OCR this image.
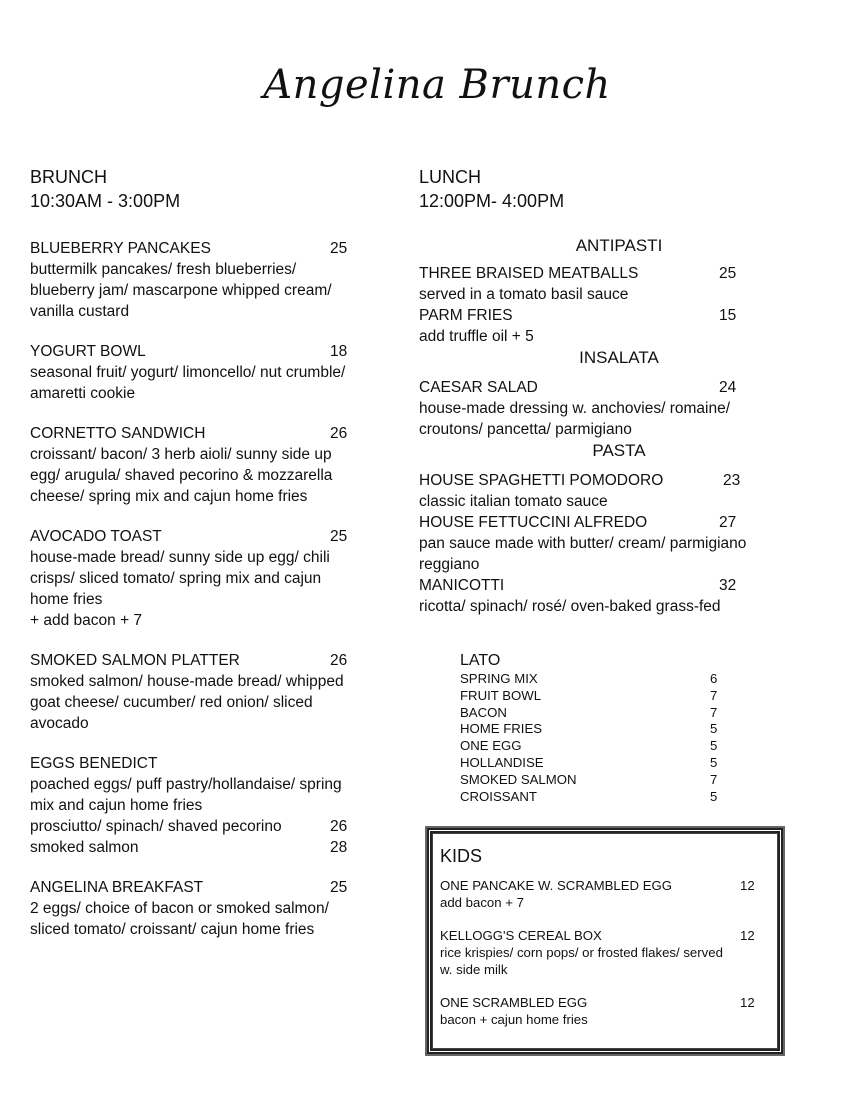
Angelina Brunch
BRUNCH
10:30AM - 3:00PM
BLUEBERRY PANCAKES	25
buttermilk pancakes/ fresh blueberries/
blueberry jam/ mascarpone whipped cream/
vanilla custard
YOGURT BOWL	18
seasonal fruit/ yogurt/ limoncello/ nut crumble/
amaretti cookie
CORNETTO SANDWICH	26
croissant/ bacon/ 3 herb aioli/ sunny side up
egg/ arugula/ shaved pecorino & mozzarella
cheese/ spring mix and cajun home fries
AVOCADO TOAST	25
house-made bread/ sunny side up egg/ chili
crisps/ sliced tomato/ spring mix and cajun
home fries
+ add bacon + 7
SMOKED SALMON PLATTER	26
smoked salmon/ house-made bread/ whipped
goat cheese/ cucumber/ red onion/ sliced
avocado
EGGS BENEDICT
poached eggs/ puff pastry/hollandaise/ spring
mix and cajun home fries
prosciutto/ spinach/ shaved pecorino	26
smoked salmon	28
ANGELINA BREAKFAST	25
2 eggs/ choice of bacon or smoked salmon/
sliced tomato/ croissant/ cajun home fries
LUNCH
12:00PM- 4:00PM
ANTIPASTI
THREE BRAISED MEATBALLS	25
served in a tomato basil sauce
PARM FRIES	15
add truffle oil + 5
INSALATA
CAESAR SALAD	24
house-made dressing w. anchovies/ romaine/
croutons/ pancetta/ parmigiano
PASTA
HOUSE SPAGHETTI POMODORO	23
classic italian tomato sauce
HOUSE FETTUCCINI ALFREDO	27
pan sauce made with butter/ cream/ parmigiano
reggiano
MANICOTTI	32
ricotta/ spinach/ rosé/ oven-baked grass-fed
LATO
SPRING MIX	6
FRUIT BOWL	7
BACON	7
HOME FRIES	5
ONE EGG	5
HOLLANDISE	5
SMOKED SALMON	7
CROISSANT	5
KIDS
ONE PANCAKE W. SCRAMBLED EGG	12
add bacon + 7
KELLOGG'S CEREAL BOX	12
rice krispies/ corn pops/ or frosted flakes/ served
w. side milk
ONE SCRAMBLED EGG	12
bacon + cajun home fries
